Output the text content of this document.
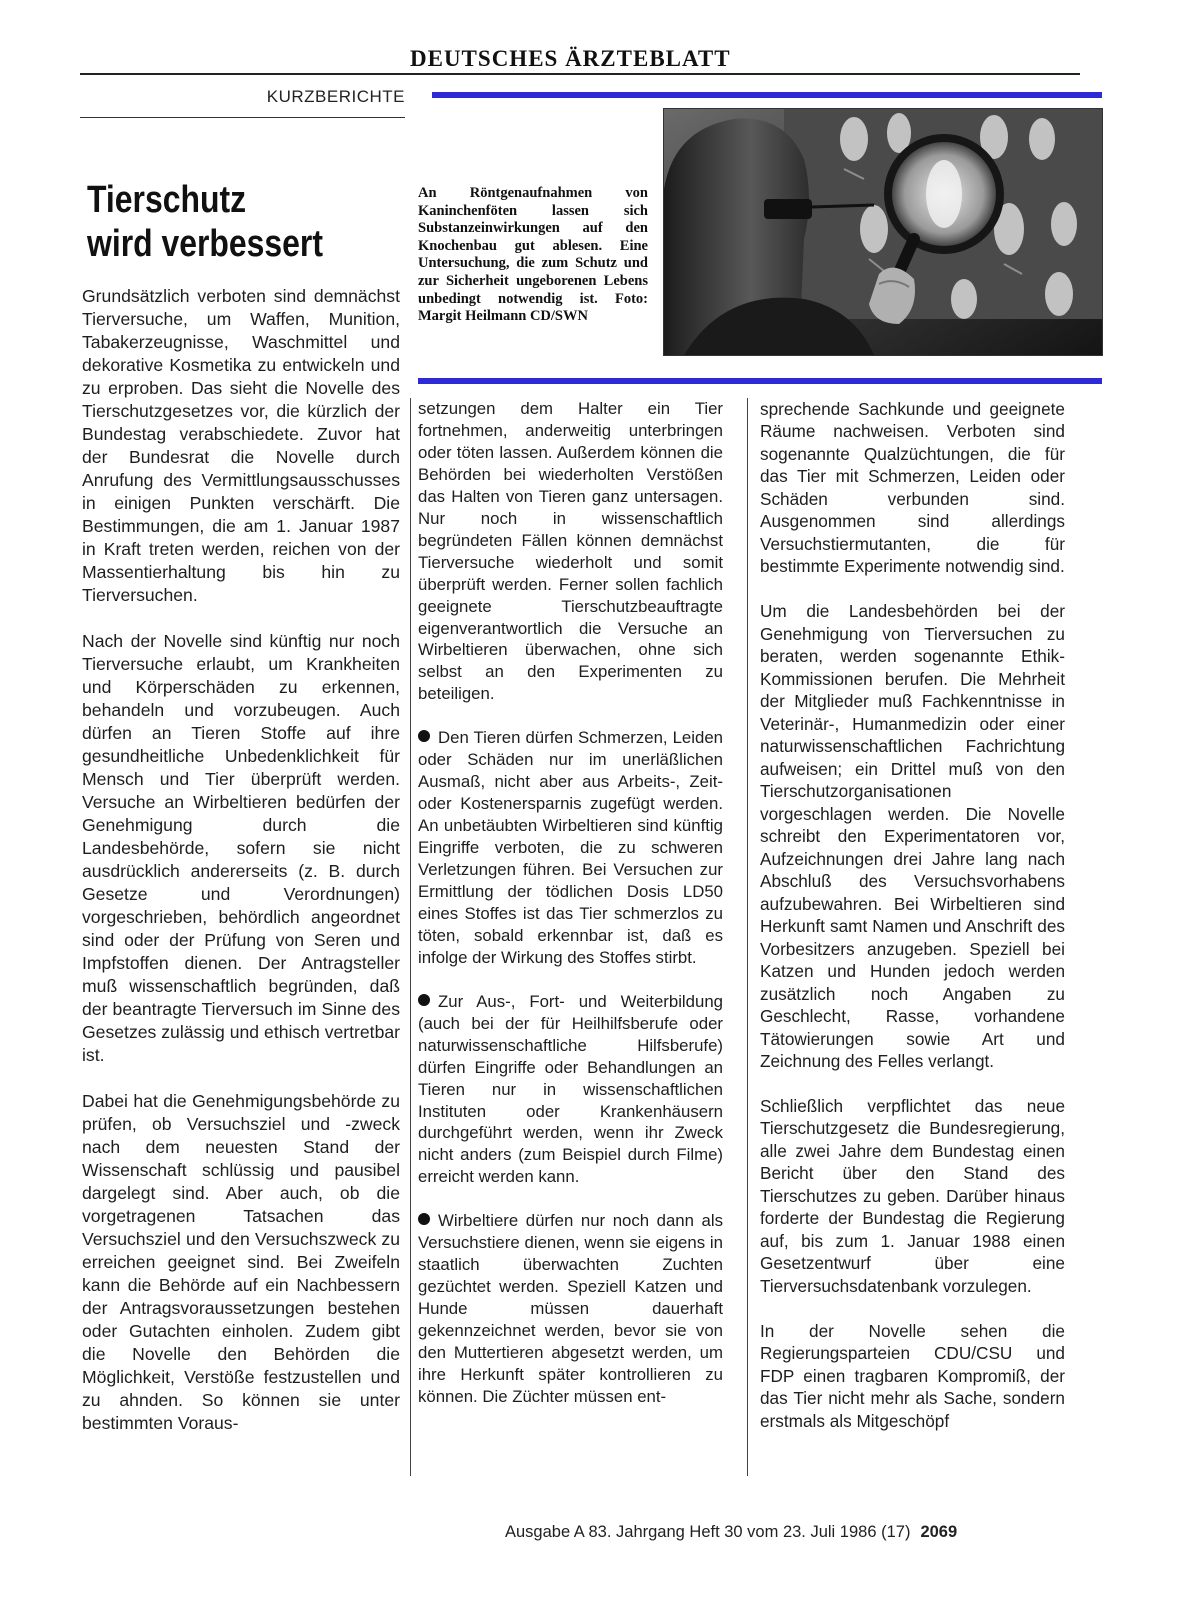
DEUTSCHES ÄRZTEBLATT
KURZBERICHTE
Tierschutz
wird verbessert
An Röntgenaufnahmen von Kaninchenföten lassen sich Substanzeinwirkungen auf den Knochenbau gut ablesen. Eine Untersuchung, die zum Schutz und zur Sicherheit ungeborenen Lebens unbedingt notwendig ist. Foto: Margit Heilmann CD/SWN

Grundsätzlich verboten sind demnächst Tierversuche, um Waffen, Munition, Tabakerzeugnisse, Waschmittel und dekorative Kosmetika zu entwickeln und zu erproben. Das sieht die Novelle des Tierschutzgesetzes vor, die kürzlich der Bundestag verabschiedete. Zuvor hat der Bundesrat die Novelle durch Anrufung des Vermittlungsausschusses in einigen Punkten verschärft. Die Bestimmungen, die am 1. Januar 1987 in Kraft treten werden, reichen von der Massentierhaltung bis hin zu Tierversuchen.

Nach der Novelle sind künftig nur noch Tierversuche erlaubt, um Krankheiten und Körperschäden zu erkennen, behandeln und vorzubeugen. Auch dürfen an Tieren Stoffe auf ihre gesundheitliche Unbedenklichkeit für Mensch und Tier überprüft werden. Versuche an Wirbeltieren bedürfen der Genehmigung durch die Landesbehörde, sofern sie nicht ausdrücklich andererseits (z. B. durch Gesetze und Verordnungen) vorgeschrieben, behördlich angeordnet sind oder der Prüfung von Seren und Impfstoffen dienen. Der Antragsteller muß wissenschaftlich begründen, daß der beantragte Tierversuch im Sinne des Gesetzes zulässig und ethisch vertretbar ist.

Dabei hat die Genehmigungsbehörde zu prüfen, ob Versuchsziel und -zweck nach dem neuesten Stand der Wissenschaft schlüssig und pausibel dargelegt sind. Aber auch, ob die vorgetragenen Tatsachen das Versuchsziel und den Versuchszweck zu erreichen geeignet sind. Bei Zweifeln kann die Behörde auf ein Nachbessern der Antragsvoraussetzungen bestehen oder Gutachten einholen. Zudem gibt die Novelle den Behörden die Möglichkeit, Verstöße festzustellen und zu ahnden. So können sie unter bestimmten Voraus-

setzungen dem Halter ein Tier fortnehmen, anderweitig unterbringen oder töten lassen. Außerdem können die Behörden bei wiederholten Verstößen das Halten von Tieren ganz untersagen. Nur noch in wissenschaftlich begründeten Fällen können demnächst Tierversuche wiederholt und somit überprüft werden. Ferner sollen fachlich geeignete Tierschutzbeauftragte eigenverantwortlich die Versuche an Wirbeltieren überwachen, ohne sich selbst an den Experimenten zu beteiligen.

Den Tieren dürfen Schmerzen, Leiden oder Schäden nur im unerläßlichen Ausmaß, nicht aber aus Arbeits-, Zeit- oder Kostenersparnis zugefügt werden. An unbetäubten Wirbeltieren sind künftig Eingriffe verboten, die zu schweren Verletzungen führen. Bei Versuchen zur Ermittlung der tödlichen Dosis LD50 eines Stoffes ist das Tier schmerzlos zu töten, sobald erkennbar ist, daß es infolge der Wirkung des Stoffes stirbt.

Zur Aus-, Fort- und Weiterbildung (auch bei der für Heilhilfsberufe oder naturwissenschaftliche Hilfsberufe) dürfen Eingriffe oder Behandlungen an Tieren nur in wissenschaftlichen Instituten oder Krankenhäusern durchgeführt werden, wenn ihr Zweck nicht anders (zum Beispiel durch Filme) erreicht werden kann.

Wirbeltiere dürfen nur noch dann als Versuchstiere dienen, wenn sie eigens in staatlich überwachten Zuchten gezüchtet werden. Speziell Katzen und Hunde müssen dauerhaft gekennzeichnet werden, bevor sie von den Muttertieren abgesetzt werden, um ihre Herkunft später kontrollieren zu können. Die Züchter müssen ent-

sprechende Sachkunde und geeignete Räume nachweisen. Verboten sind sogenannte Qualzüchtungen, die für das Tier mit Schmerzen, Leiden oder Schäden verbunden sind. Ausgenommen sind allerdings Versuchstiermutanten, die für bestimmte Experimente notwendig sind.

Um die Landesbehörden bei der Genehmigung von Tierversuchen zu beraten, werden sogenannte Ethik-Kommissionen berufen. Die Mehrheit der Mitglieder muß Fachkenntnisse in Veterinär-, Humanmedizin oder einer naturwissenschaftlichen Fachrichtung aufweisen; ein Drittel muß von den Tierschutzorganisationen vorgeschlagen werden. Die Novelle schreibt den Experimentatoren vor, Aufzeichnungen drei Jahre lang nach Abschluß des Versuchsvorhabens aufzubewahren. Bei Wirbeltieren sind Herkunft samt Namen und Anschrift des Vorbesitzers anzugeben. Speziell bei Katzen und Hunden jedoch werden zusätzlich noch Angaben zu Geschlecht, Rasse, vorhandene Tätowierungen sowie Art und Zeichnung des Felles verlangt.

Schließlich verpflichtet das neue Tierschutzgesetz die Bundesregierung, alle zwei Jahre dem Bundestag einen Bericht über den Stand des Tierschutzes zu geben. Darüber hinaus forderte der Bundestag die Regierung auf, bis zum 1. Januar 1988 einen Gesetzentwurf über eine Tierversuchsdatenbank vorzulegen.

In der Novelle sehen die Regierungsparteien CDU/CSU und FDP einen tragbaren Kompromiß, der das Tier nicht mehr als Sache, sondern erstmals als Mitgeschöpf

Ausgabe A 83. Jahrgang Heft 30 vom 23. Juli 1986 (17) 2069
